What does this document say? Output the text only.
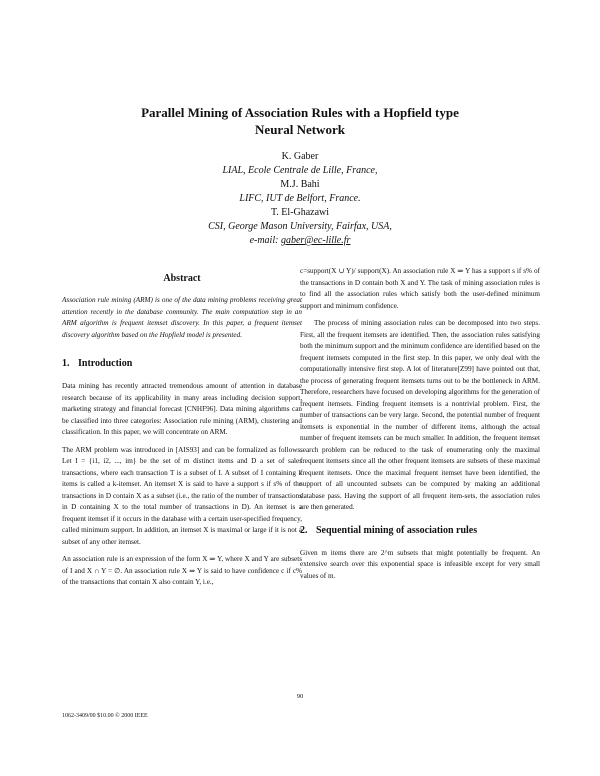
Parallel Mining of Association Rules with a Hopfield type
Neural Network
K. Gaber
LIAL, Ecole Centrale de Lille, France,
M.J. Bahi
LIFC, IUT de Belfort, France.
T. El-Ghazawi
CSI, George Mason University, Fairfax, USA,
e-mail: gaber@ec-lille.fr
Abstract
Association rule mining (ARM) is one of the data mining problems receiving great attention recently in the database community. The main computation step in an ARM algorithm is frequent itemset discovery. In this paper, a frequent itemset discovery algorithm based on the Hopfield model is presented.
1. Introduction

Data mining has recently attracted tremendous amount of attention in database research because of its applicability in many areas including decision support, marketing strategy and financial forecast [CNHF96]. Data mining algorithms can be classified into three categories: Association rule mining (ARM), clustering and classification. In this paper, we will concentrate on ARM.

The ARM problem was introduced in [AIS93] and can be formalized as follows. Let I = {i1, i2, ..., im} be the set of m distinct items and D a set of sales transactions, where each transaction T is a subset of I. A subset of I containing k items is called a k-itemset. An itemset X is said to have a support s if s% of the transactions in D contain X as a subset (i.e., the ratio of the number of transactions in D containing X to the total number of transactions in D). An itemset is a frequent itemset if it occurs in the database with a certain user-specified frequency, called minimum support. In addition, an itemset X is maximal or large if it is not a subset of any other itemset.

An association rule is an expression of the form X ⇒ Y, where X and Y are subsets of I and X ∩ Y = ∅. An association rule X ⇒ Y is said to have confidence c if c% of the transactions that contain X also contain Y, i.e.,

c=support(X ∪ Y)/ support(X). An association rule X ⇒ Y has a support s if s% of the transactions in D contain both X and Y. The task of mining association rules is to find all the association rules which satisfy both the user-defined minimum support and minimum confidence.

The process of mining association rules can be decomposed into two steps. First, all the frequent itemsets are identified. Then, the association rules satisfying both the minimum support and the minimum confidence are identified based on the frequent itemsets computed in the first step. In this paper, we only deal with the computationally intensive first step. A lot of literature[Z99] have pointed out that, the process of generating frequent itemsets turns out to be the bottleneck in ARM. Therefore, researchers have focused on developing algorithms for the generation of frequent itemsets. Finding frequent itemsets is a nontrivial problem. First, the number of transactions can be very large. Second, the potential number of frequent itemsets is exponential in the number of different items, although the actual number of frequent itemsets can be much smaller. In addition, the frequent itemset search problem can be reduced to the task of enumerating only the maximal frequent itemsets since all the other frequent itemsets are subsets of these maximal frequent itemsets. Once the maximal frequent itemset have been identified, the support of all uncounted subsets can be computed by making an additional database pass. Having the support of all frequent item-sets, the association rules are then generated.

2. Sequential mining of association rules

Given m items there are 2^m subsets that might potentially be frequent. An extensive search over this exponential space is infeasible except for very small values of m.

90
1062-3409/00 $10.00 © 2000 IEEE
